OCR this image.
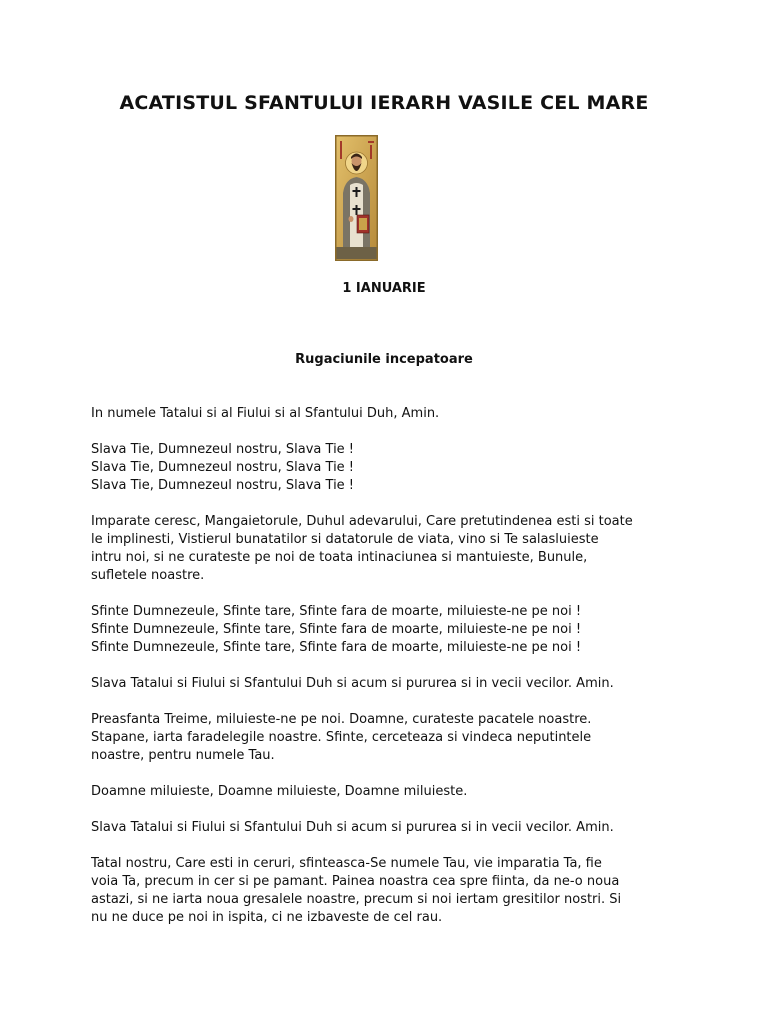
ACATISTUL SFANTULUI IERARH VASILE CEL MARE
1 IANUARIE
Rugaciunile incepatoare
In numele Tatalui si al Fiului si al Sfantului Duh, Amin.
Slava Tie, Dumnezeul nostru, Slava Tie !
Slava Tie, Dumnezeul nostru, Slava Tie !
Slava Tie, Dumnezeul nostru, Slava Tie !
Imparate ceresc, Mangaietorule, Duhul adevarului, Care pretutindenea esti si toate
le implinesti, Vistierul bunatatilor si datatorule de viata, vino si Te salasluieste
intru noi, si ne curateste pe noi de toata intinaciunea si mantuieste, Bunule,
sufletele noastre.
Sfinte Dumnezeule, Sfinte tare, Sfinte fara de moarte, miluieste-ne pe noi !
Sfinte Dumnezeule, Sfinte tare, Sfinte fara de moarte, miluieste-ne pe noi !
Sfinte Dumnezeule, Sfinte tare, Sfinte fara de moarte, miluieste-ne pe noi !
Slava Tatalui si Fiului si Sfantului Duh si acum si pururea si in vecii vecilor. Amin.
Preasfanta Treime, miluieste-ne pe noi. Doamne, curateste pacatele noastre.
Stapane, iarta faradelegile noastre. Sfinte, cerceteaza si vindeca neputintele
noastre, pentru numele Tau.
Doamne miluieste, Doamne miluieste, Doamne miluieste.
Slava Tatalui si Fiului si Sfantului Duh si acum si pururea si in vecii vecilor. Amin.
Tatal nostru, Care esti in ceruri, sfinteasca-Se numele Tau, vie imparatia Ta, fie
voia Ta, precum in cer si pe pamant. Painea noastra cea spre fiinta, da ne-o noua
astazi, si ne iarta noua gresalele noastre, precum si noi iertam gresitilor nostri. Si
nu ne duce pe noi in ispita, ci ne izbaveste de cel rau.
